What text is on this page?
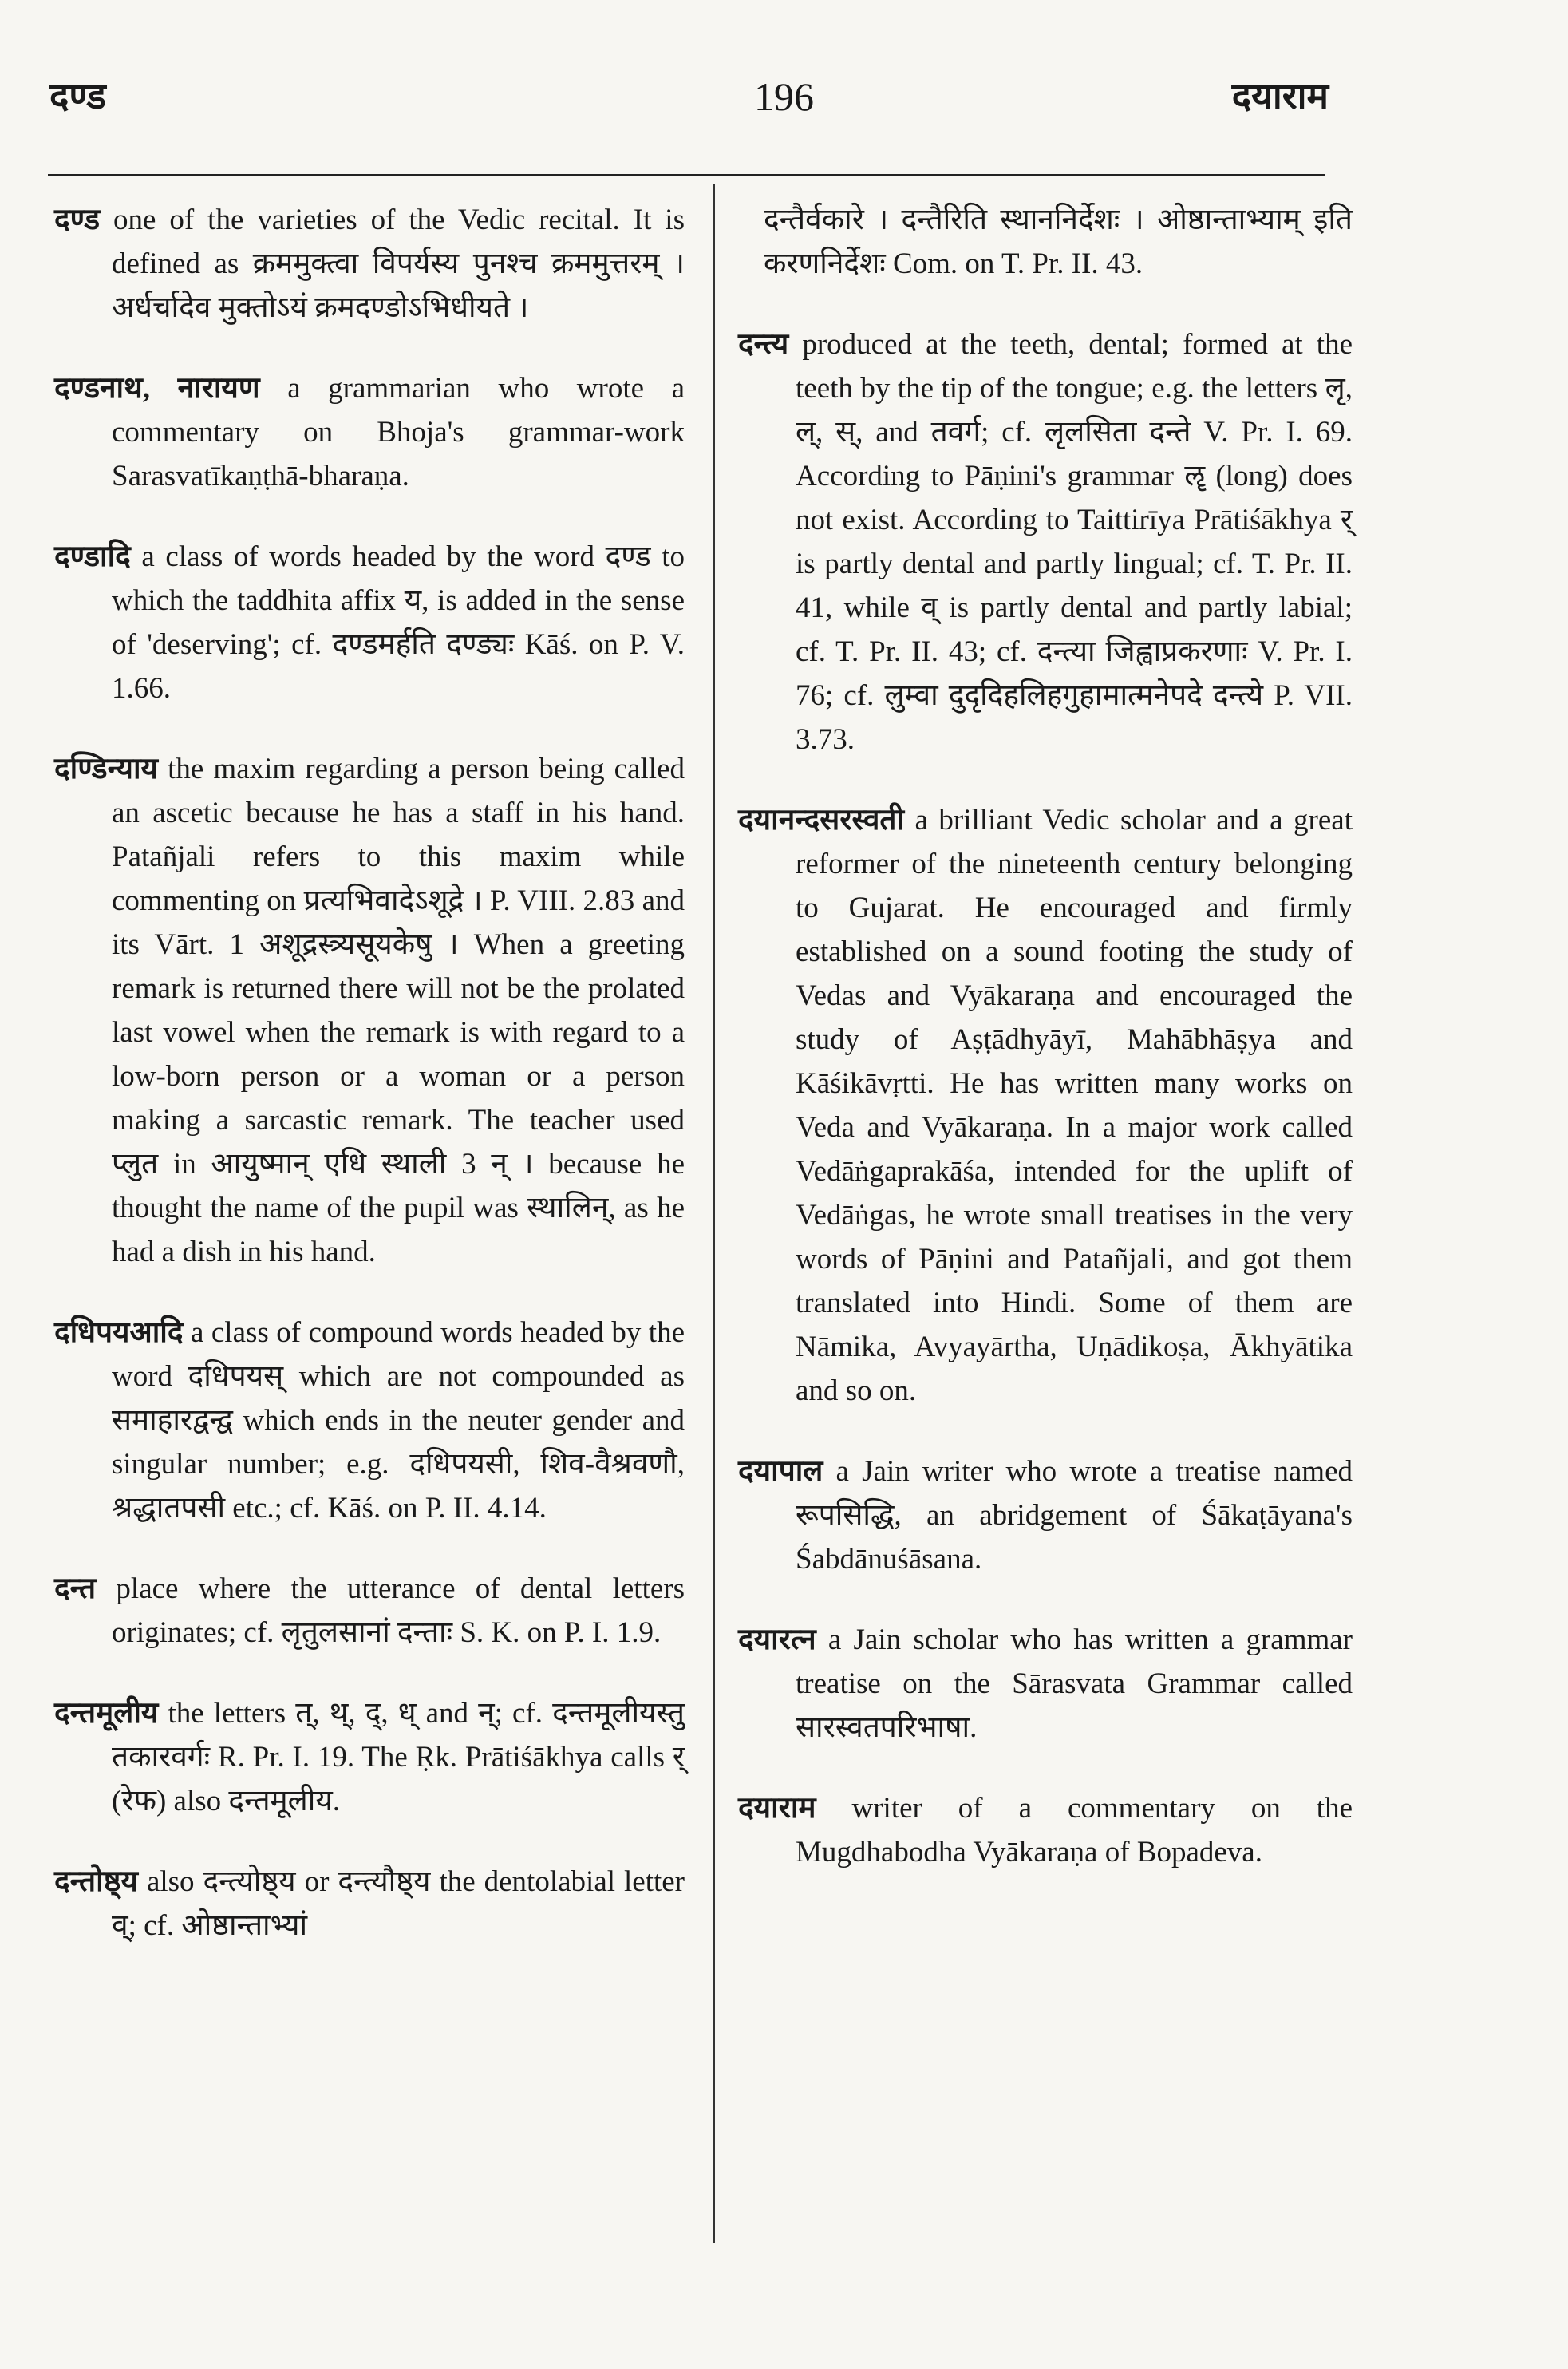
दण्ड	196	दयाराम

दण्ड one of the varieties of the Vedic recital. It is defined as क्रममुक्त्वा विपर्यस्य पुनश्च क्रममुत्तरम् । अर्धर्चादेव मुक्तोऽयं क्रमदण्डोऽभिधीयते ।

दण्डनाथ, नारायण a grammarian who wrote a commentary on Bhoja's grammar-work Sarasvatīkaṇṭhā-bharaṇa.

दण्डादि a class of words headed by the word दण्ड to which the taddhita affix य, is added in the sense of 'deserving'; cf. दण्डमर्हति दण्ड्यः Kāś. on P. V. 1.66.

दण्डिन्याय the maxim regarding a person being called an ascetic because he has a staff in his hand. Patañjali refers to this maxim while commenting on प्रत्यभिवादेऽशूद्रे । P. VIII. 2.83 and its Vārt. 1 अशूद्रस्त्र्यसूयकेषु । When a greeting remark is returned there will not be the prolated last vowel when the remark is with regard to a low-born person or a woman or a person making a sarcastic remark. The teacher used प्लुत in आयुष्मान् एधि स्थाली 3 न् । because he thought the name of the pupil was स्थालिन्, as he had a dish in his hand.

दधिपयआदि a class of compound words headed by the word दधिपयस् which are not compounded as समाहारद्वन्द्व which ends in the neuter gender and singular number; e.g. दधिपयसी, शिव-वैश्रवणौ, श्रद्धातपसी etc.; cf. Kāś. on P. II. 4.14.

दन्त place where the utterance of dental letters originates; cf. लृतुलसानां दन्ताः S. K. on P. I. 1.9.

दन्तमूलीय the letters त्, थ्, द्, ध् and न्; cf. दन्तमूलीयस्तु तकारवर्गः R. Pr. I. 19. The Ṛk. Prātiśākhya calls र् (रेफ) also दन्तमूलीय.

दन्तोष्ठ्य also दन्त्योष्ठ्य or दन्त्यौष्ठ्य the dentolabial letter व्; cf. ओष्ठान्ताभ्यां

दन्तैर्वकारे । दन्तैरिति स्थाननिर्देशः । ओष्ठान्ताभ्याम् इति करणनिर्देशः Com. on T. Pr. II. 43.

दन्त्य produced at the teeth, dental; formed at the teeth by the tip of the tongue; e.g. the letters लृ, ल्, स्, and तवर्ग; cf. लृलसिता दन्ते V. Pr. I. 69. According to Pāṇini's grammar ॡ (long) does not exist. According to Taittirīya Prātiśākhya र् is partly dental and partly lingual; cf. T. Pr. II. 41, while व् is partly dental and partly labial; cf. T. Pr. II. 43; cf. दन्त्या जिह्वाप्रकरणाः V. Pr. I. 76; cf. लुम्वा दुदृदिहलिहगुहामात्मनेपदे दन्त्ये P. VII. 3.73.

दयानन्दसरस्वती a brilliant Vedic scholar and a great reformer of the nineteenth century belonging to Gujarat. He encouraged and firmly established on a sound footing the study of Vedas and Vyākaraṇa and encouraged the study of Aṣṭādhyāyī, Mahābhāṣya and Kāśikāvṛtti. He has written many works on Veda and Vyākaraṇa. In a major work called Vedāṅgaprakāśa, intended for the uplift of Vedāṅgas, he wrote small treatises in the very words of Pāṇini and Patañjali, and got them translated into Hindi. Some of them are Nāmika, Avyayārtha, Uṇādikoṣa, Ākhyātika and so on.

दयापाल a Jain writer who wrote a treatise named रूपसिद्धि, an abridgement of Śākaṭāyana's Śabdānuśāsana.

दयारत्न a Jain scholar who has written a grammar treatise on the Sārasvata Grammar called सारस्वतपरिभाषा.

दयाराम writer of a commentary on the Mugdhabodha Vyākaraṇa of Bopadeva.
